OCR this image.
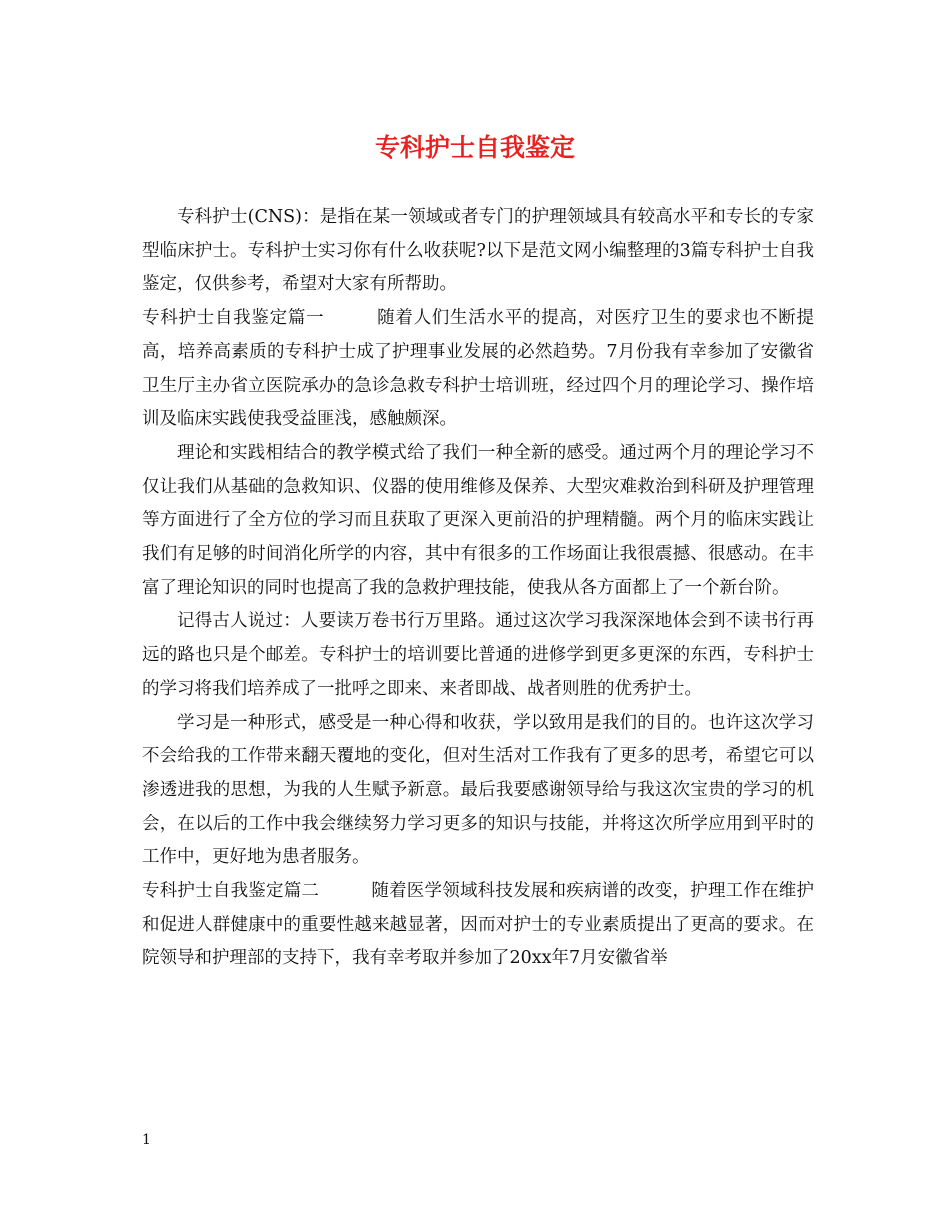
专科护士自我鉴定

专科护士(CNS)：是指在某一领域或者专门的护理领域具有较高水平和专长的专家型临床护士。专科护士实习你有什么收获呢?以下是范文网小编整理的3篇专科护士自我鉴定，仅供参考，希望对大家有所帮助。

专科护士自我鉴定篇一	随着人们生活水平的提高，对医疗卫生的要求也不断提高，培养高素质的专科护士成了护理事业发展的必然趋势。7月份我有幸参加了安徽省卫生厅主办省立医院承办的急诊急救专科护士培训班，经过四个月的理论学习、操作培训及临床实践使我受益匪浅，感触颇深。

理论和实践相结合的教学模式给了我们一种全新的感受。通过两个月的理论学习不仅让我们从基础的急救知识、仪器的使用维修及保养、大型灾难救治到科研及护理管理等方面进行了全方位的学习而且获取了更深入更前沿的护理精髓。两个月的临床实践让我们有足够的时间消化所学的内容，其中有很多的工作场面让我很震撼、很感动。在丰富了理论知识的同时也提高了我的急救护理技能，使我从各方面都上了一个新台阶。

记得古人说过：人要读万卷书行万里路。通过这次学习我深深地体会到不读书行再远的路也只是个邮差。专科护士的培训要比普通的进修学到更多更深的东西，专科护士的学习将我们培养成了一批呼之即来、来者即战、战者则胜的优秀护士。

学习是一种形式，感受是一种心得和收获，学以致用是我们的目的。也许这次学习不会给我的工作带来翻天覆地的变化，但对生活对工作我有了更多的思考，希望它可以渗透进我的思想，为我的人生赋予新意。最后我要感谢领导给与我这次宝贵的学习的机会，在以后的工作中我会继续努力学习更多的知识与技能，并将这次所学应用到平时的工作中，更好地为患者服务。

专科护士自我鉴定篇二	随着医学领域科技发展和疾病谱的改变，护理工作在维护和促进人群健康中的重要性越来越显著，因而对护士的专业素质提出了更高的要求。在院领导和护理部的支持下，我有幸考取并参加了20xx年7月安徽省举

1
